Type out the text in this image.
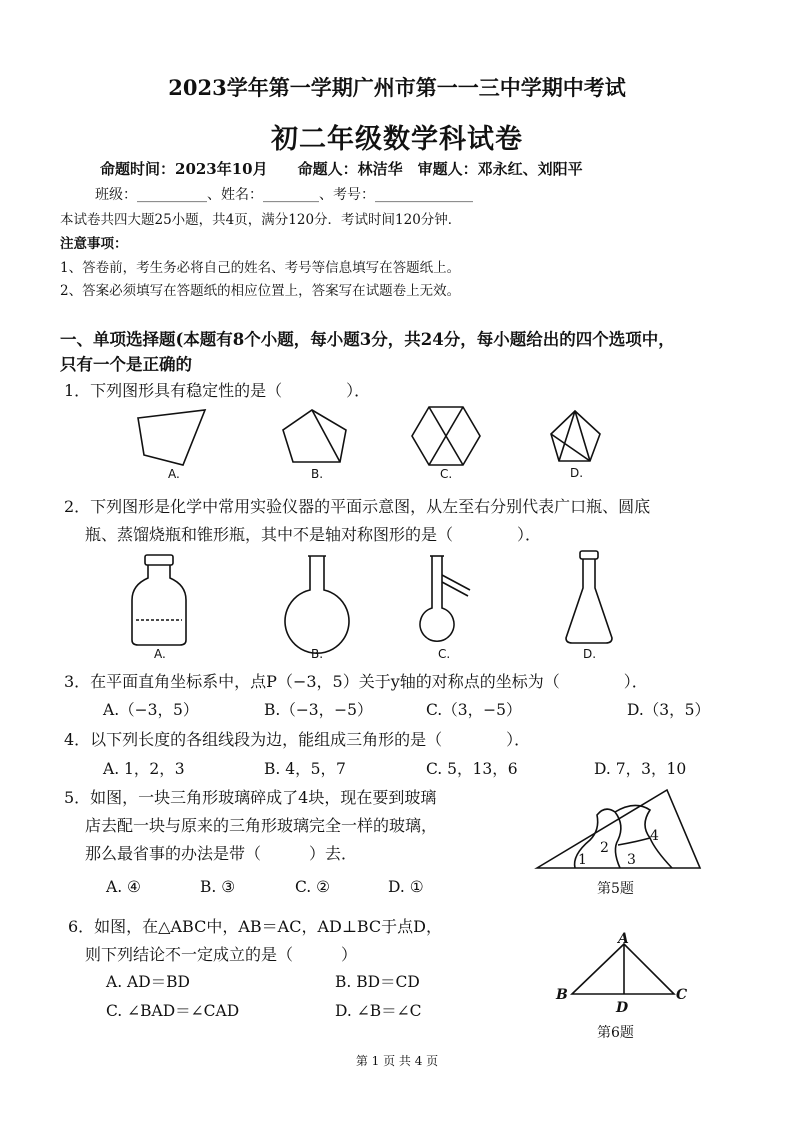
2023学年第一学期广州市第一一三中学期中考试
初二年级数学科试卷
命题时间：2023年10月　　命题人：林洁华　审题人：邓永红、刘阳平
班级：__________、姓名：________、考号：______________
本试卷共四大题25小题，共4页，满分120分．考试时间120分钟．
注意事项：
1、答卷前，考生务必将自己的姓名、考号等信息填写在答题纸上。
2、答案必须填写在答题纸的相应位置上，答案写在试题卷上无效。
一、单项选择题(本题有8个小题，每小题3分，共24分，每小题给出的四个选项中，
只有一个是正确的
1．下列图形具有稳定性的是（　　　　）．
A.	B.	C.	D.
2．下列图形是化学中常用实验仪器的平面示意图，从左至右分别代表广口瓶、圆底
瓶、蒸馏烧瓶和锥形瓶，其中不是轴对称图形的是（　　　　）．
A.	B.	C.	D.
3．在平面直角坐标系中，点P（−3，5）关于y轴的对称点的坐标为（　　　　）．
A.（−3，5）	B.（−3，−5）	C.（3，−5）	D.（3，5）
4．以下列长度的各组线段为边，能组成三角形的是（　　　　）．
A. 1，2，3	B. 4，5，7	C. 5，13，6	D. 7，3，10
5．如图，一块三角形玻璃碎成了4块，现在要到玻璃
店去配一块与原来的三角形玻璃完全一样的玻璃，
那么最省事的办法是带（　　　）去．
A. ④	B. ③	C. ②	D. ①
1
2
3
4
第5题
6．如图，在△ABC中，AB＝AC，AD⊥BC于点D，
则下列结论不一定成立的是（　　　）
A. AD＝BD	B. BD＝CD
C. ∠BAD＝∠CAD	D. ∠B＝∠C
A
B
D
C
第6题
第 1 页 共 4 页
